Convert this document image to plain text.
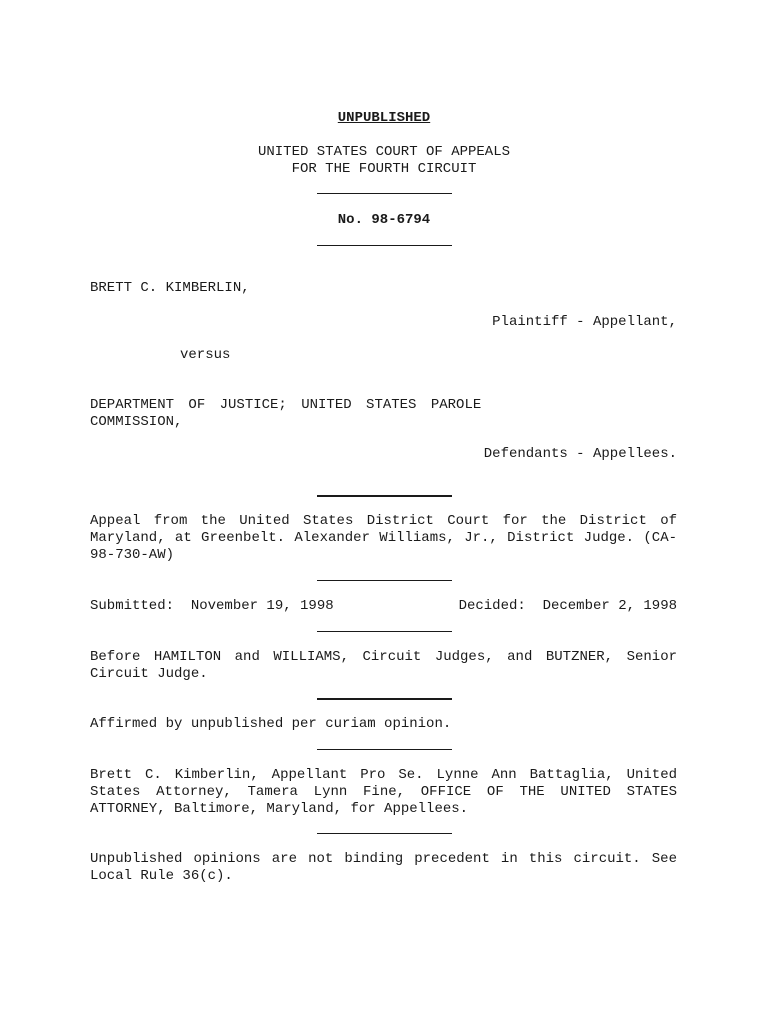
UNPUBLISHED
UNITED STATES COURT OF APPEALS
FOR THE FOURTH CIRCUIT
No. 98-6794
BRETT C. KIMBERLIN,
Plaintiff - Appellant,
versus
DEPARTMENT OF JUSTICE; UNITED STATES PAROLE
COMMISSION,
Defendants - Appellees.
Appeal from the United States District Court for the District of Maryland, at Greenbelt. Alexander Williams, Jr., District Judge. (CA-98-730-AW)
Submitted:  November 19, 1998	Decided:  December 2, 1998
Before HAMILTON and WILLIAMS, Circuit Judges, and BUTZNER, Senior Circuit Judge.
Affirmed by unpublished per curiam opinion.
Brett C. Kimberlin, Appellant Pro Se. Lynne Ann Battaglia, United States Attorney, Tamera Lynn Fine, OFFICE OF THE UNITED STATES ATTORNEY, Baltimore, Maryland, for Appellees.
Unpublished opinions are not binding precedent in this circuit. See Local Rule 36(c).
